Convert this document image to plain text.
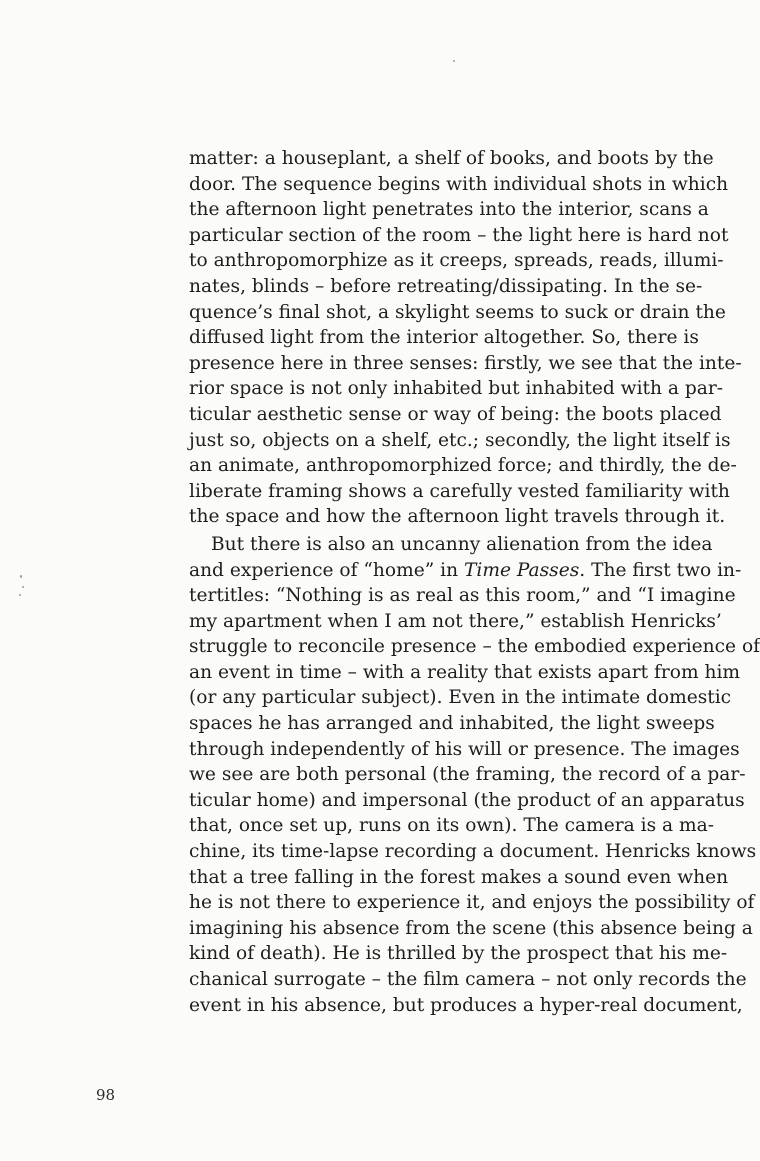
matter: a houseplant, a shelf of books, and boots by the
door. The sequence begins with individual shots in which
the afternoon light penetrates into the interior, scans a
particular section of the room – the light here is hard not
to anthropomorphize as it creeps, spreads, reads, illumi-
nates, blinds – before retreating/dissipating. In the se-
quence’s final shot, a skylight seems to suck or drain the
diffused light from the interior altogether. So, there is
presence here in three senses: firstly, we see that the inte-
rior space is not only inhabited but inhabited with a par-
ticular aesthetic sense or way of being: the boots placed
just so, objects on a shelf, etc.; secondly, the light itself is
an animate, anthropomorphized force; and thirdly, the de-
liberate framing shows a carefully vested familiarity with
the space and how the afternoon light travels through it.
But there is also an uncanny alienation from the idea
and experience of “home” in Time Passes. The first two in-
tertitles: “Nothing is as real as this room,” and “I imagine
my apartment when I am not there,” establish Henricks’
struggle to reconcile presence – the embodied experience of
an event in time – with a reality that exists apart from him
(or any particular subject). Even in the intimate domestic
spaces he has arranged and inhabited, the light sweeps
through independently of his will or presence. The images
we see are both personal (the framing, the record of a par-
ticular home) and impersonal (the product of an apparatus
that, once set up, runs on its own). The camera is a ma-
chine, its time-lapse recording a document. Henricks knows
that a tree falling in the forest makes a sound even when
he is not there to experience it, and enjoys the possibility of
imagining his absence from the scene (this absence being a
kind of death). He is thrilled by the prospect that his me-
chanical surrogate – the film camera – not only records the
event in his absence, but produces a hyper-real document,
98
